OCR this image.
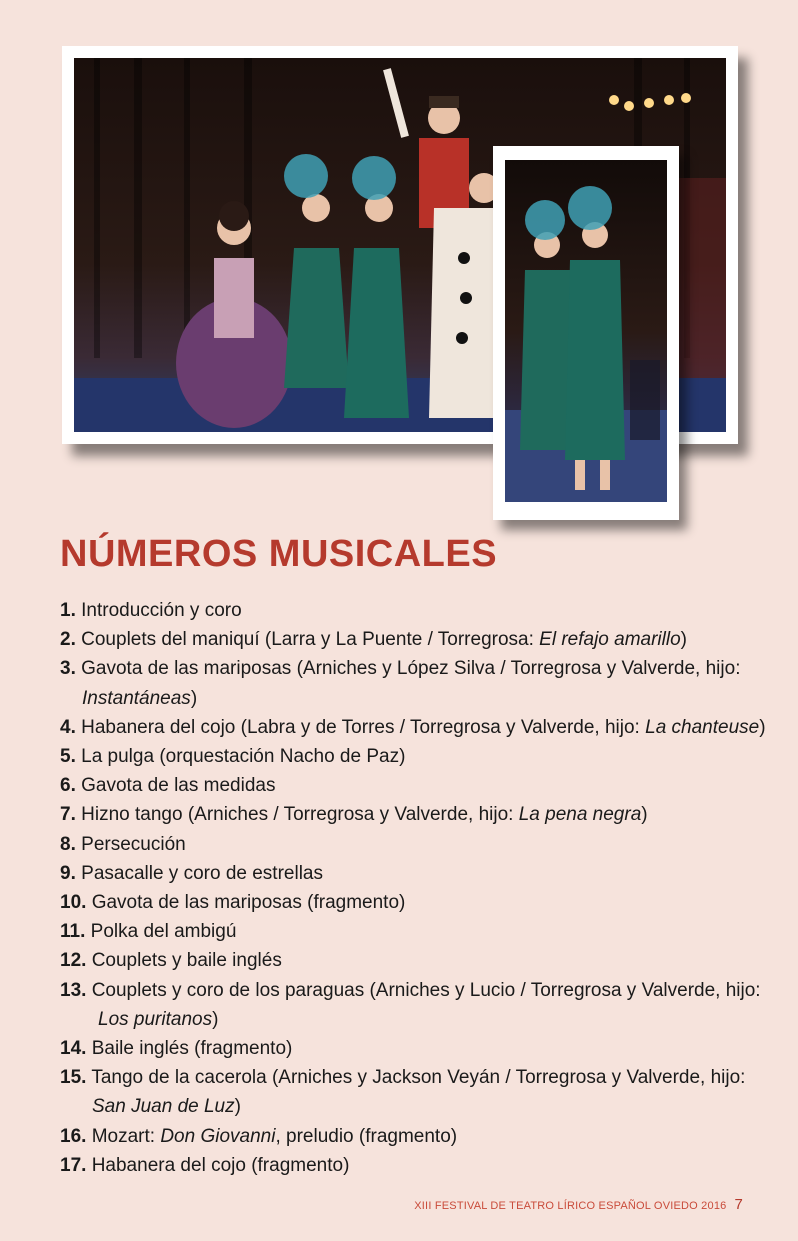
NÚMEROS MUSICALES
1. Introducción y coro
2. Couplets del maniquí (Larra y La Puente / Torregrosa: El refajo amarillo)
3. Gavota de las mariposas (Arniches y López Silva / Torregrosa y Valverde, hijo:
Instantáneas)
4. Habanera del cojo (Labra y de Torres / Torregrosa y Valverde, hijo: La chanteuse)
5. La pulga (orquestación Nacho de Paz)
6. Gavota de las medidas
7. Hizno tango (Arniches / Torregrosa y Valverde, hijo: La pena negra)
8. Persecución
9. Pasacalle y coro de estrellas
10. Gavota de las mariposas (fragmento)
11. Polka del ambigú
12. Couplets y baile inglés
13. Couplets y coro de los paraguas (Arniches y Lucio / Torregrosa y Valverde, hijo:
Los puritanos)
14. Baile inglés (fragmento)
15. Tango de la cacerola (Arniches y Jackson Veyán / Torregrosa y Valverde, hijo:
San Juan de Luz)
16. Mozart: Don Giovanni, preludio (fragmento)
17. Habanera del cojo (fragmento)
XIII FESTIVAL DE TEATRO LÍRICO ESPAÑOL OVIEDO 2016 7
